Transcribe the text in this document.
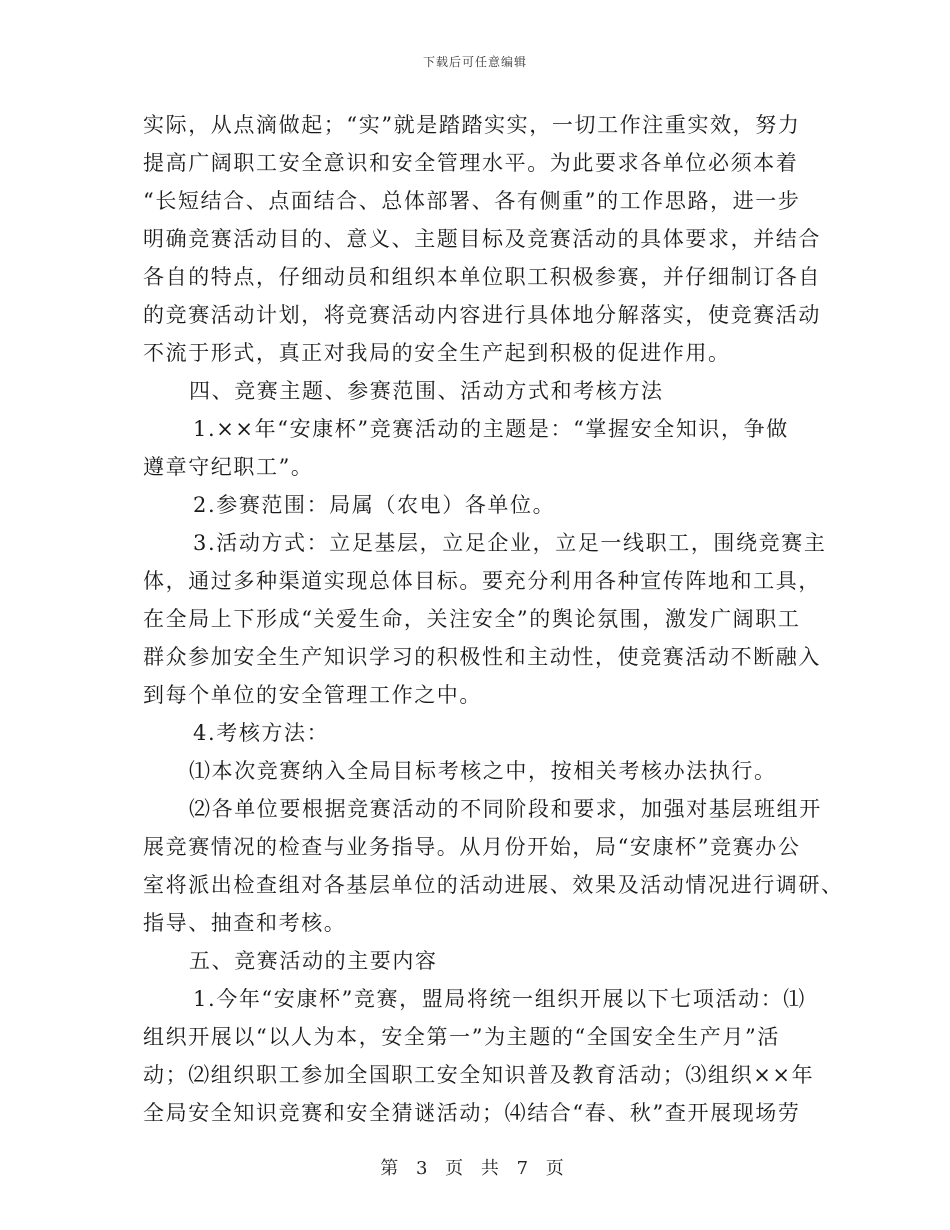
下载后可任意编辑
实际，从点滴做起；“实”就是踏踏实实，一切工作注重实效，努力
提高广阔职工安全意识和安全管理水平。为此要求各单位必须本着
“长短结合、点面结合、总体部署、各有侧重”的工作思路，进一步
明确竞赛活动目的、意义、主题目标及竞赛活动的具体要求，并结合
各自的特点，仔细动员和组织本单位职工积极参赛，并仔细制订各自
的竞赛活动计划，将竞赛活动内容进行具体地分解落实，使竞赛活动
不流于形式，真正对我局的安全生产起到积极的促进作用。
四、竞赛主题、参赛范围、活动方式和考核方法
1.××年“安康杯”竞赛活动的主题是：“掌握安全知识，争做
遵章守纪职工”。
2.参赛范围：局属（农电）各单位。
3.活动方式：立足基层，立足企业，立足一线职工，围绕竞赛主
体，通过多种渠道实现总体目标。要充分利用各种宣传阵地和工具，
在全局上下形成“关爱生命，关注安全”的舆论氛围，激发广阔职工
群众参加安全生产知识学习的积极性和主动性，使竞赛活动不断融入
到每个单位的安全管理工作之中。
4.考核方法：
⑴本次竞赛纳入全局目标考核之中，按相关考核办法执行。
⑵各单位要根据竞赛活动的不同阶段和要求，加强对基层班组开
展竞赛情况的检查与业务指导。从月份开始，局“安康杯”竞赛办公
室将派出检查组对各基层单位的活动进展、效果及活动情况进行调研、
指导、抽查和考核。
五、竞赛活动的主要内容
1.今年“安康杯”竞赛，盟局将统一组织开展以下七项活动：⑴
组织开展以“以人为本，安全第一”为主题的“全国安全生产月”活
动；⑵组织职工参加全国职工安全知识普及教育活动；⑶组织××年
全局安全知识竞赛和安全猜谜活动；⑷结合“春、秋”查开展现场劳
第 3 页 共 7 页
